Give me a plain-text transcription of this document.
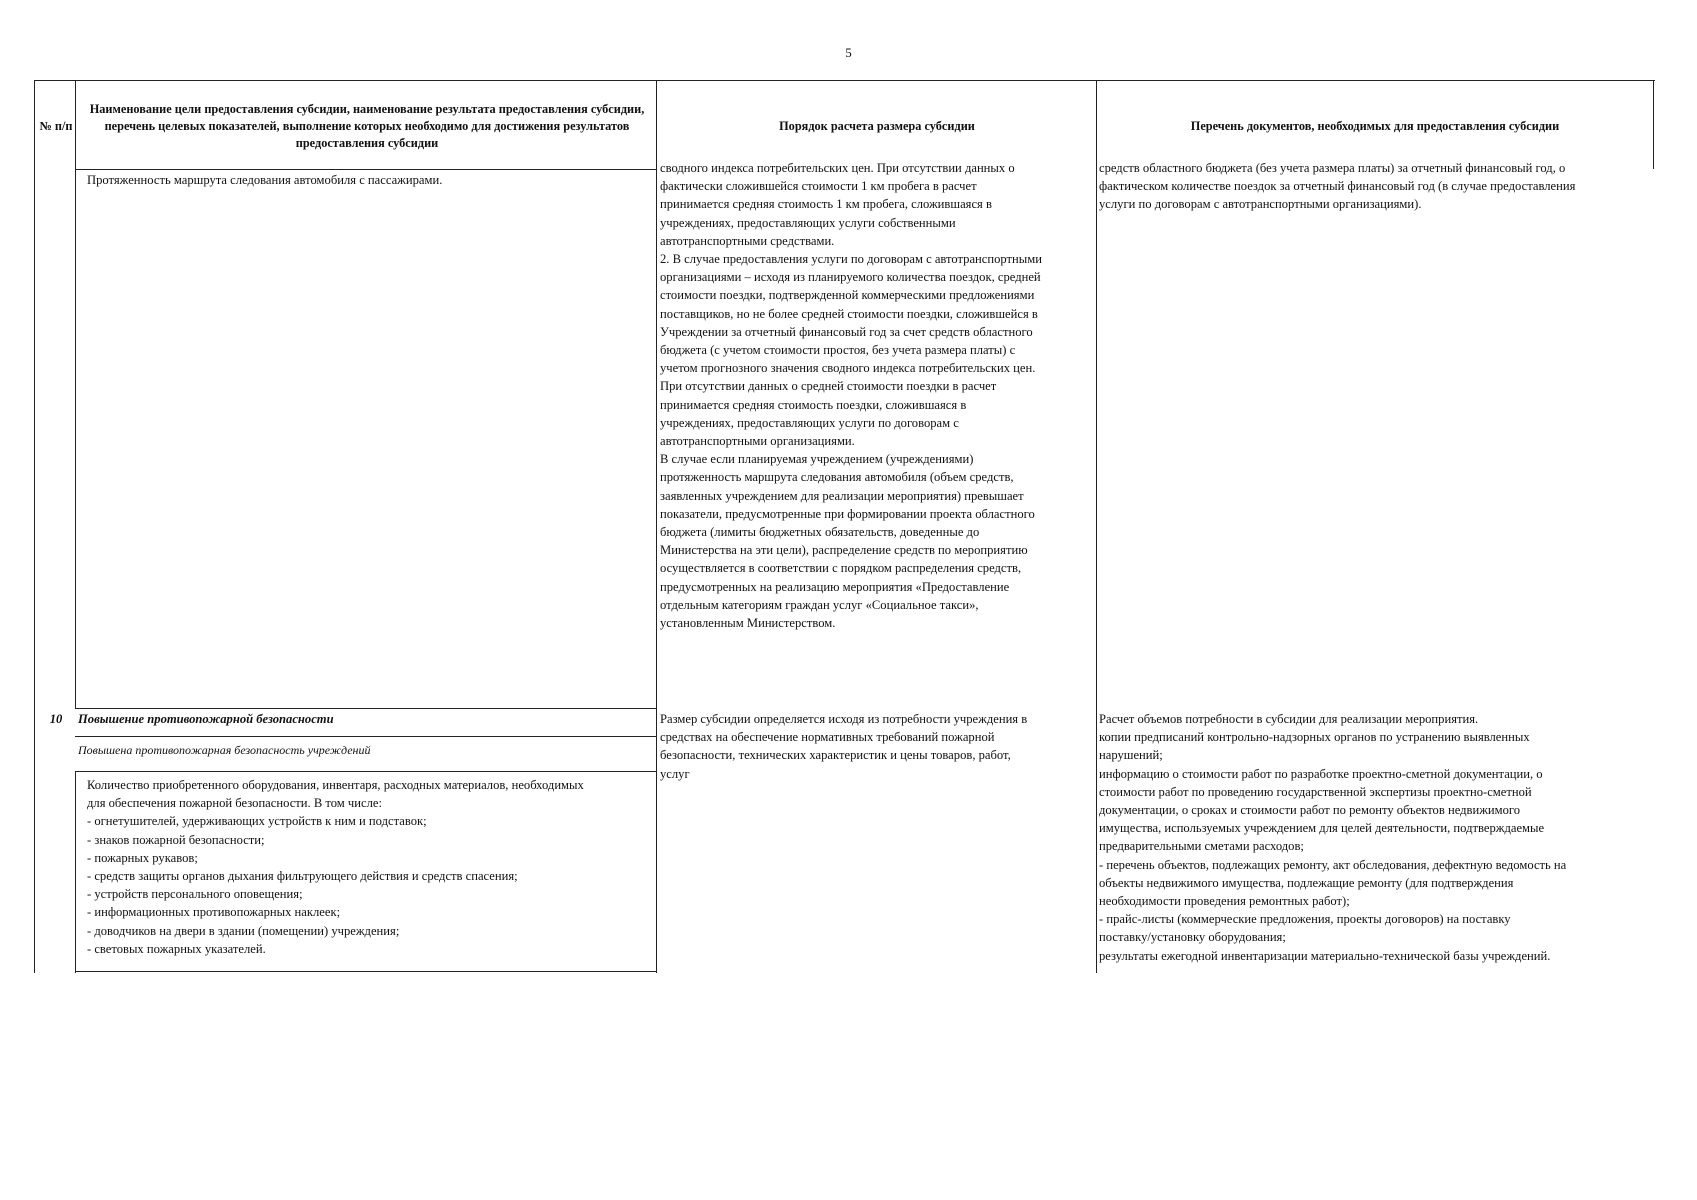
5
№ п/п
Наименование цели предоставления субсидии, наименование результата предоставления субсидии, перечень целевых показателей, выполнение которых необходимо для достижения результатов предоставления субсидии
Порядок расчета размера субсидии	Перечень документов, необходимых для предоставления субсидии
Протяженность маршрута следования автомобиля с пассажирами.
сводного индекса потребительских цен. При отсутствии данных о
фактически сложившейся стоимости 1 км пробега в расчет
принимается средняя стоимость 1 км пробега, сложившаяся в
учреждениях, предоставляющих услуги собственными
автотранспортными средствами.
2. В случае предоставления услуги по договорам с автотранспортными
организациями – исходя из планируемого количества поездок, средней
стоимости поездки, подтвержденной коммерческими предложениями
поставщиков, но не более средней стоимости поездки, сложившейся в
Учреждении за отчетный финансовый год за счет средств областного
бюджета (с учетом стоимости простоя, без учета размера платы) с
учетом прогнозного значения сводного индекса потребительских цен.
При отсутствии данных о средней стоимости поездки в расчет
принимается средняя стоимость поездки, сложившаяся в
учреждениях, предоставляющих услуги по договорам с
автотранспортными организациями.
В случае если планируемая учреждением (учреждениями)
протяженность маршрута следования автомобиля (объем средств,
заявленных учреждением для реализации мероприятия) превышает
показатели, предусмотренные при формировании проекта областного
бюджета (лимиты бюджетных обязательств, доведенные до
Министерства на эти цели), распределение средств по мероприятию
осуществляется в соответствии с порядком распределения средств,
предусмотренных на реализацию мероприятия «Предоставление
отдельным категориям граждан услуг «Социальное такси»,
установленным Министерством.
средств областного бюджета (без учета размера платы) за отчетный финансовый год, о
фактическом количестве поездок за отчетный финансовый год (в случае предоставления
услуги по договорам с автотранспортными организациями).
10	Повышение противопожарной безопасности
Повышена противопожарная безопасность учреждений
Количество приобретенного оборудования, инвентаря, расходных материалов, необходимых
для обеспечения пожарной безопасности. В том числе:
- огнетушителей, удерживающих устройств к ним и подставок;
- знаков пожарной безопасности;
- пожарных рукавов;
- средств защиты органов дыхания фильтрующего действия и средств спасения;
- устройств персонального оповещения;
- информационных противопожарных наклеек;
- доводчиков на двери в здании (помещении) учреждения;
- световых пожарных указателей.
Размер субсидии определяется исходя из потребности учреждения в
средствах на обеспечение нормативных требований пожарной
безопасности, технических характеристик и цены товаров, работ,
услуг
Расчет объемов потребности в субсидии для реализации мероприятия.
копии предписаний контрольно-надзорных органов по устранению выявленных
нарушений;
информацию о стоимости работ по разработке проектно-сметной документации, о
стоимости работ по проведению государственной экспертизы проектно-сметной
документации, о сроках и стоимости работ по ремонту объектов недвижимого
имущества, используемых учреждением для целей деятельности, подтверждаемые
предварительными сметами расходов;
- перечень объектов, подлежащих ремонту, акт обследования, дефектную ведомость на
объекты недвижимого имущества, подлежащие ремонту (для подтверждения
необходимости проведения ремонтных работ);
- прайс-листы (коммерческие предложения, проекты договоров) на поставку
поставку/установку оборудования;
результаты ежегодной инвентаризации материально-технической базы учреждений.
